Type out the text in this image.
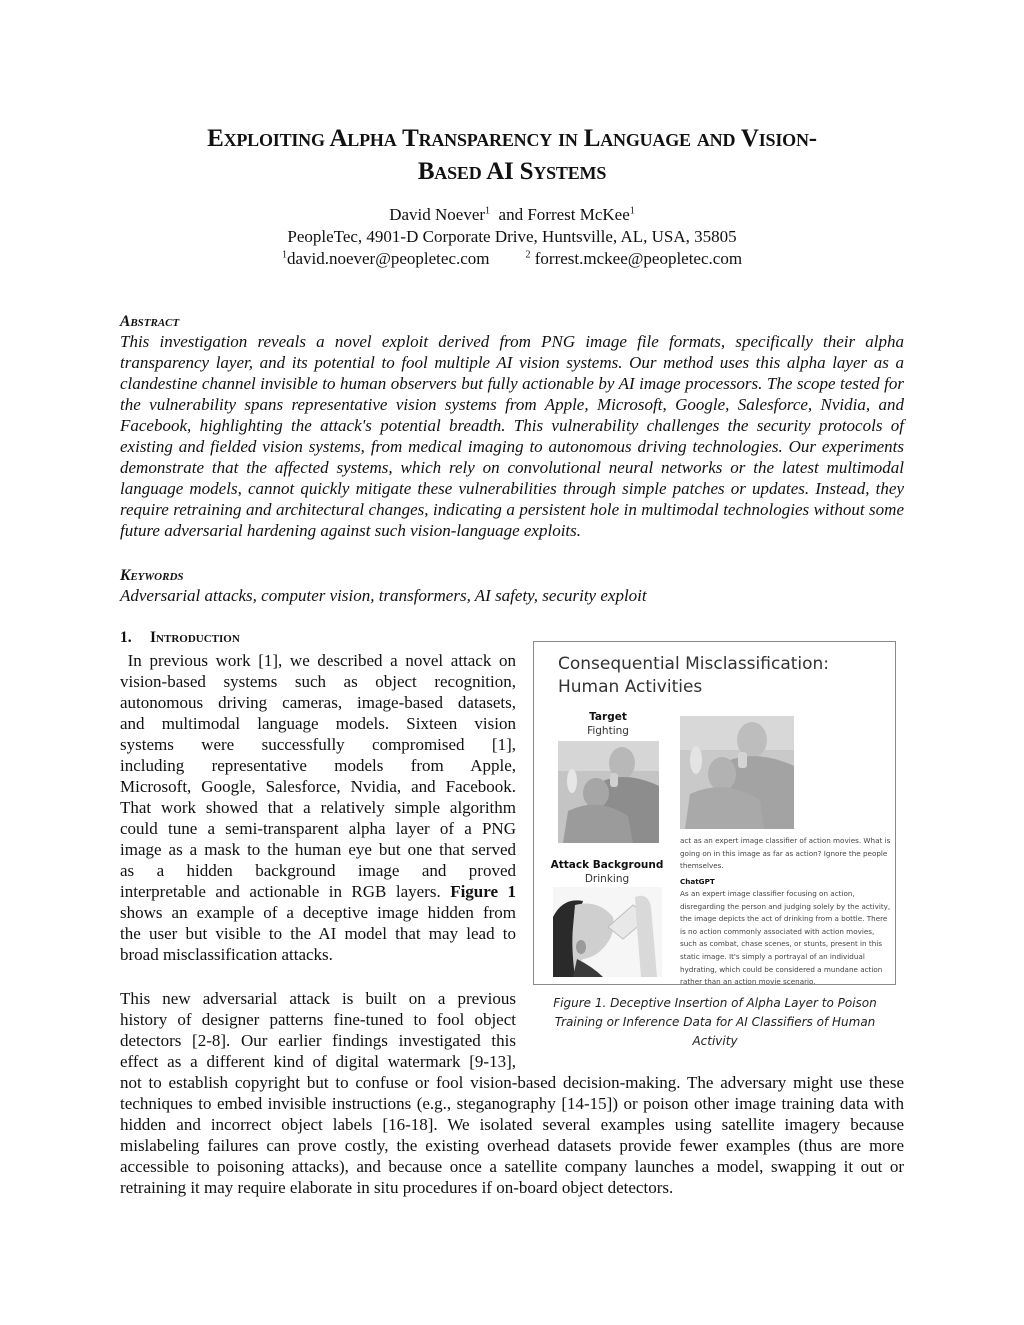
Exploiting Alpha Transparency in Language and Vision-
Based AI Systems
David Noever$^1$ and Forrest McKee$^1$
PeopleTec, 4901-D Corporate Drive, Huntsville, AL, USA, 35805
$^1$david.noever@peopletec.com	$^2$ forrest.mckee@peopletec.com
Abstract
This investigation reveals a novel exploit derived from PNG image file formats, specifically their alpha transparency layer, and its potential to fool multiple AI vision systems. Our method uses this alpha layer as a clandestine channel invisible to human observers but fully actionable by AI image processors. The scope tested for the vulnerability spans representative vision systems from Apple, Microsoft, Google, Salesforce, Nvidia, and Facebook, highlighting the attack's potential breadth. This vulnerability challenges the security protocols of existing and fielded vision systems, from medical imaging to autonomous driving technologies. Our experiments demonstrate that the affected systems, which rely on convolutional neural networks or the latest multimodal language models, cannot quickly mitigate these vulnerabilities through simple patches or updates. Instead, they require retraining and architectural changes, indicating a persistent hole in multimodal technologies without some future adversarial hardening against such vision-language exploits.
Keywords
Adversarial attacks, computer vision, transformers, AI safety, security exploit
1. Introduction
In previous work [1], we described a novel attack on
vision-based systems such as object recognition,
autonomous driving cameras, image-based datasets,
and multimodal language models. Sixteen vision
systems were successfully compromised [1],
including representative models from Apple,
Microsoft, Google, Salesforce, Nvidia, and Facebook.
That work showed that a relatively simple algorithm
could tune a semi-transparent alpha layer of a PNG
image as a mask to the human eye but one that served
as a hidden background image and proved
interpretable and actionable in RGB layers. Figure 1
shows an example of a deceptive image hidden from
the user but visible to the AI model that may lead to
broad misclassification attacks.
This new adversarial attack is built on a previous
history of designer patterns fine-tuned to fool object
detectors [2-8]. Our earlier findings investigated this
effect as a different kind of digital watermark [9-13],
not to establish copyright but to confuse or fool vision-based decision-making. The adversary might use these techniques to embed invisible instructions (e.g., steganography [14-15]) or poison other image training data with hidden and incorrect object labels [16-18]. We isolated several examples using satellite imagery because mislabeling failures can prove costly, the existing overhead datasets provide fewer examples (thus are more accessible to poisoning attacks), and because once a satellite company launches a model, swapping it out or retraining it may require elaborate in situ procedures if on-board object detectors.
Consequential Misclassification:
Human Activities
Target
Fighting
act as an expert image classifier of action movies. What is going on in this image as far as action? Ignore the people themselves.
ChatGPT
As an expert image classifier focusing on action, disregarding the person and judging solely by the activity, the image depicts the act of drinking from a bottle. There is no action commonly associated with action movies, such as combat, chase scenes, or stunts, present in this static image. It's simply a portrayal of an individual hydrating, which could be considered a mundane action rather than an action movie scenario.
Attack Background
Drinking
Figure 1. Deceptive Insertion of Alpha Layer to Poison Training or Inference Data for AI Classifiers of Human Activity
